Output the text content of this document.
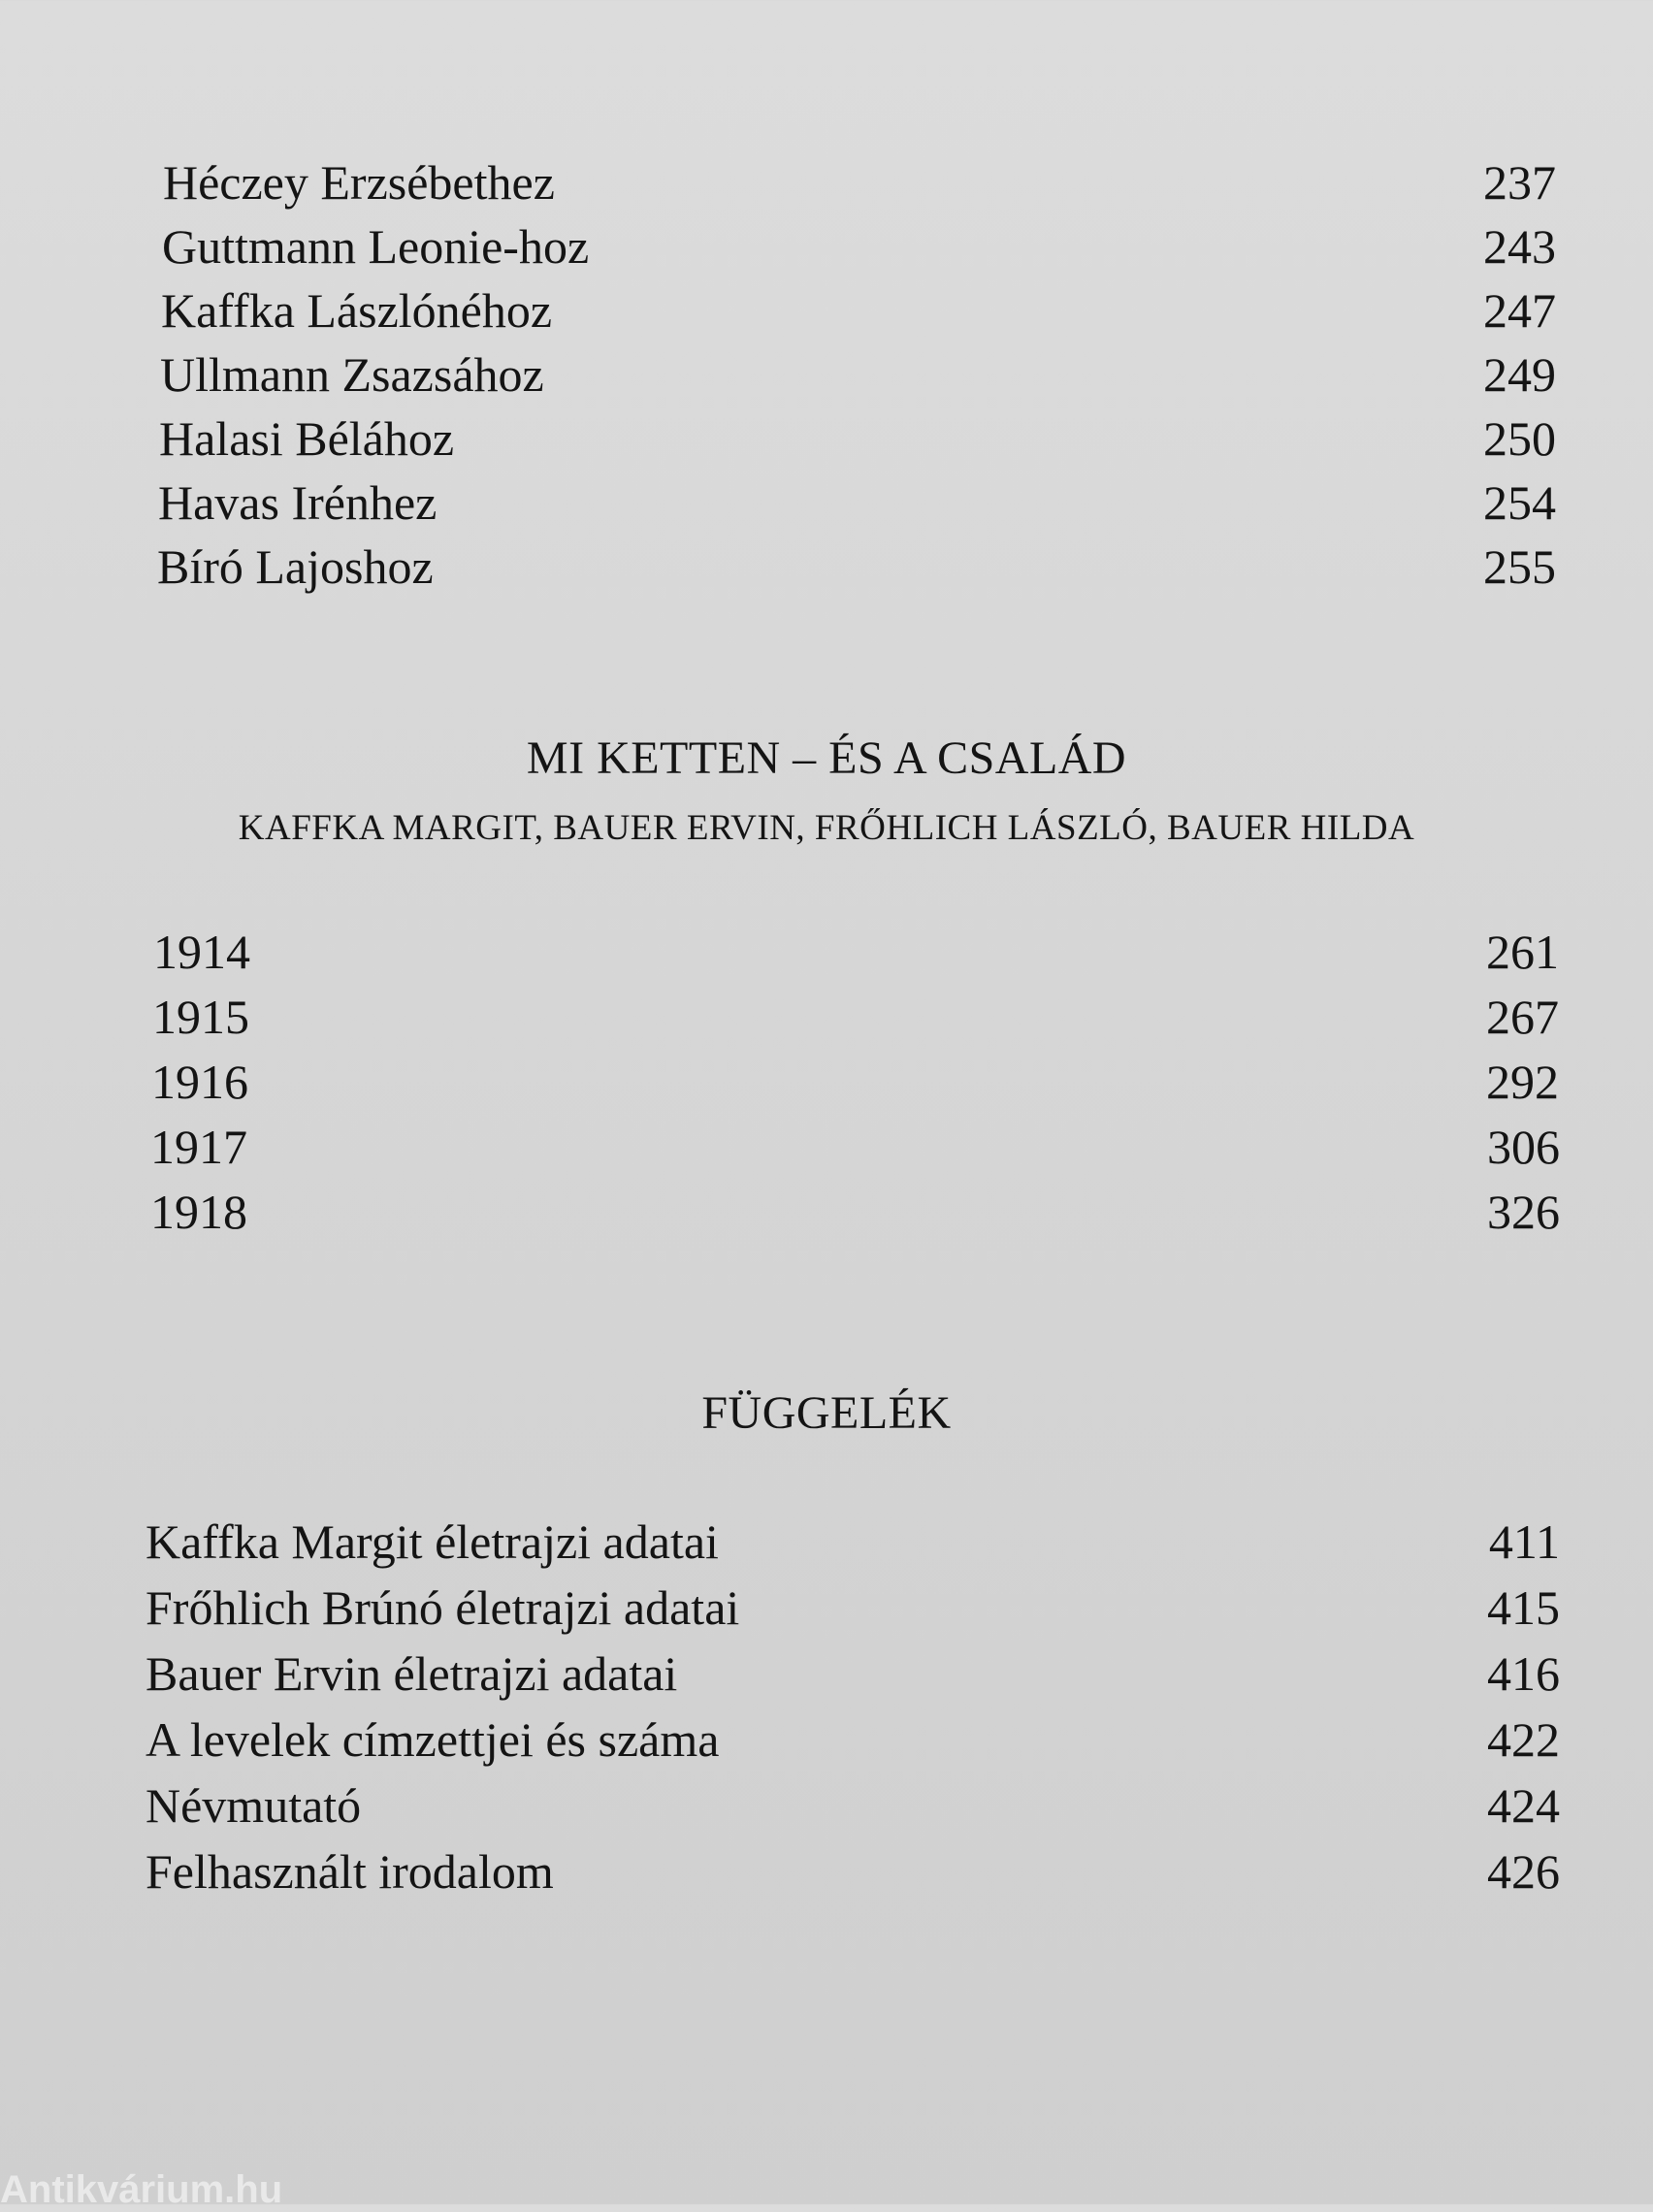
Héczey Erzsébethez	237
Guttmann Leonie-hoz	243
Kaffka Lászlónéhoz	247
Ullmann Zsazsához	249
Halasi Bélához	250
Havas Irénhez	254
Bíró Lajoshoz	255
MI KETTEN – ÉS A CSALÁD
KAFFKA MARGIT, BAUER ERVIN, FRŐHLICH LÁSZLÓ, BAUER HILDA
1914	261
1915	267
1916	292
1917	306
1918	326
FÜGGELÉK
Kaffka Margit életrajzi adatai	411
Frőhlich Brúnó életrajzi adatai	415
Bauer Ervin életrajzi adatai	416
A levelek címzettjei és száma	422
Névmutató	424
Felhasznált irodalom	426
Antikvárium.hu
